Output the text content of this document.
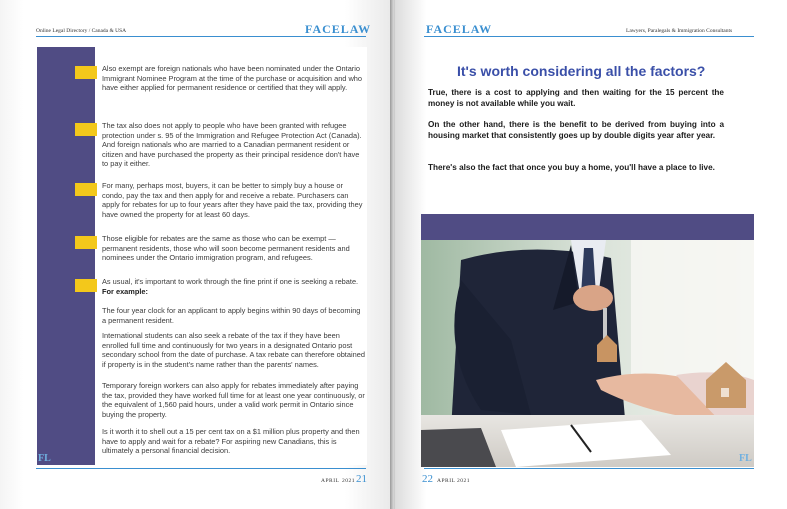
Online Legal Directory / Canada & USA	FACELAW
Also exempt are foreign nationals who have been nominated under the Ontario Immigrant Nominee Program at the time of the purchase or acquisition and who have either applied for permanent residence or certified that they will apply.
The tax also does not apply to people who have been granted with refugee protection under s. 95 of the Immigration and Refugee Protection Act (Canada). And foreign nationals who are married to a Canadian permanent resident or citizen and have purchased the property as their principal residence don't have to pay it either.
For many, perhaps most, buyers, it can be better to simply buy a house or condo, pay the tax and then apply for and receive a rebate. Purchasers can apply for rebates for up to four years after they have paid the tax, providing they have owned the property for at least 60 days.
Those eligible for rebates are the same as those who can be exempt — permanent residents, those who will soon become permanent residents and nominees under the Ontario immigration program, and refugees.
As usual, it's important to work through the fine print if one is seeking a rebate. For example:
The four year clock for an applicant to apply begins within 90 days of becoming a permanent resident.
International students can also seek a rebate of the tax if they have been enrolled full time and continuously for two years in a designated Ontario post secondary school from the date of purchase. A tax rebate can therefore obtained if property is in the student's name rather than the parents' names.
Temporary foreign workers can also apply for rebates immediately after paying the tax, provided they have worked full time for at least one year continuously, or the equivalent of 1,560 paid hours, under a valid work permit in Ontario since buying the property.
Is it worth it to shell out a 15 per cent tax on a $1 million plus property and then have to apply and wait for a rebate? For aspiring new Canadians, this is ultimately a personal financial decision.
FL
APRIL 2021 21
FACELAW	Lawyers, Paralegals & Immigration Consultants
It's worth considering all the factors?
True, there is a cost to applying and then waiting for the 15 percent the money is not available while you wait.
On the other hand, there is the benefit to be derived from buying into a housing market that consistently goes up by double digits year after year.
There's also the fact that once you buy a home, you'll have a place to live.
FL
22 APRIL 2021
